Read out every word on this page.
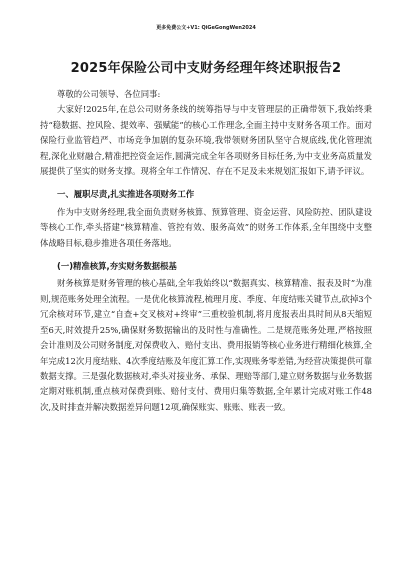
更多免费公文+V1: QiGeGongWen2024
2025年保险公司中支财务经理年终述职报告2

尊敬的公司领导、各位同事:

大家好!2025年,在总公司财务条线的统筹指导与中支管理层的正确带领下,我始终秉持“稳数据、控风险、提效率、强赋能”的核心工作理念,全面主持中支财务各项工作。面对保险行业监管趋严、市场竞争加剧的复杂环境,我带领财务团队坚守合规底线,优化管理流程,深化业财融合,精准把控资金运作,圆满完成全年各项财务目标任务,为中支业务高质量发展提供了坚实的财务支撑。现将全年工作情况、存在不足及未来规划汇报如下,请予评议。

一、履职尽责,扎实推进各项财务工作

作为中支财务经理,我全面负责财务核算、预算管理、资金运营、风险防控、团队建设等核心工作,牵头搭建“核算精准、管控有效、服务高效”的财务工作体系,全年围绕中支整体战略目标,稳步推进各项任务落地。

(一)精准核算,夯实财务数据根基

财务核算是财务管理的核心基础,全年我始终以“数据真实、核算精准、报表及时”为准则,规范账务处理全流程。一是优化核算流程,梳理月度、季度、年度结账关键节点,砍掉3个冗余核对环节,建立“自查+交叉核对+终审”三重校验机制,将月度报表出具时间从8天缩短至6天,时效提升25%,确保财务数据输出的及时性与准确性。二是规范账务处理,严格按照会计准则及公司财务制度,对保费收入、赔付支出、费用报销等核心业务进行精细化核算,全年完成12次月度结账、4次季度结账及年度汇算工作,实现账务零差错,为经营决策提供可靠数据支撑。三是强化数据核对,牵头对接业务、承保、理赔等部门,建立财务数据与业务数据定期对账机制,重点核对保费到账、赔付支付、费用归集等数据,全年累计完成对账工作48次,及时排查并解决数据差异问题12项,确保账实、账账、账表一致。
